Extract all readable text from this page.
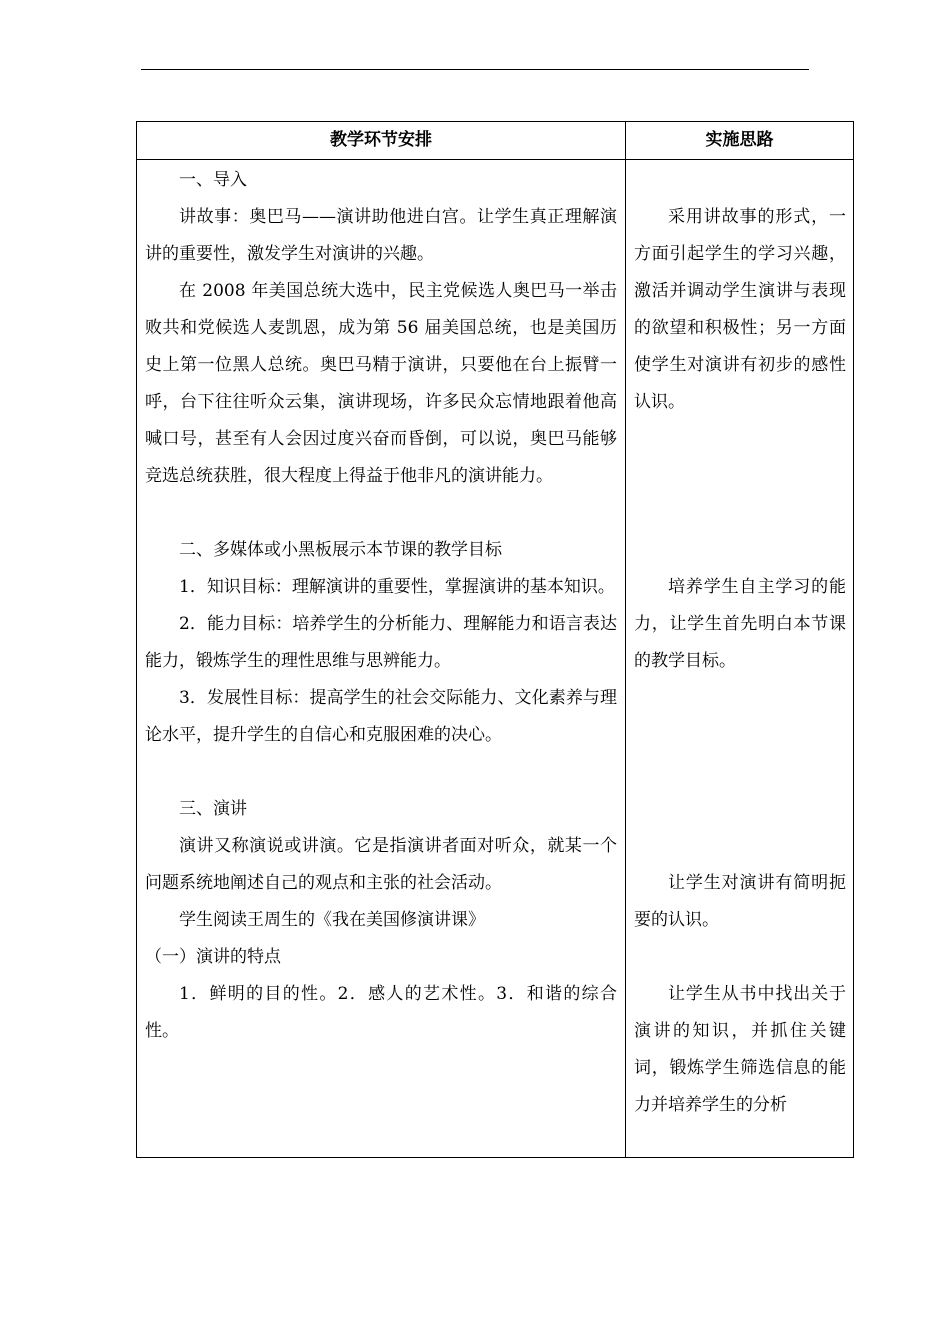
教学环节安排	实施思路

一、导入

讲故事：奥巴马——演讲助他进白宫。让学生真正理解演讲的重要性，激发学生对演讲的兴趣。

在 2008 年美国总统大选中，民主党候选人奥巴马一举击败共和党候选人麦凯恩，成为第 56 届美国总统，也是美国历史上第一位黑人总统。奥巴马精于演讲，只要他在台上振臂一呼，台下往往听众云集，演讲现场，许多民众忘情地跟着他高喊口号，甚至有人会因过度兴奋而昏倒，可以说，奥巴马能够竞选总统获胜，很大程度上得益于他非凡的演讲能力。

二、多媒体或小黑板展示本节课的教学目标

1．知识目标：理解演讲的重要性，掌握演讲的基本知识。

2．能力目标：培养学生的分析能力、理解能力和语言表达能力，锻炼学生的理性思维与思辨能力。

3．发展性目标：提高学生的社会交际能力、文化素养与理论水平，提升学生的自信心和克服困难的决心。

三、演讲

演讲又称演说或讲演。它是指演讲者面对听众，就某一个问题系统地阐述自己的观点和主张的社会活动。

学生阅读王周生的《我在美国修演讲课》

（一）演讲的特点

1．鲜明的目的性。2．感人的艺术性。3．和谐的综合性。

采用讲故事的形式，一方面引起学生的学习兴趣，激活并调动学生演讲与表现的欲望和积极性；另一方面使学生对演讲有初步的感性认识。

培养学生自主学习的能力，让学生首先明白本节课的教学目标。

让学生对演讲有简明扼要的认识。

让学生从书中找出关于演讲的知识，并抓住关键词，锻炼学生筛选信息的能力并培养学生的分析
